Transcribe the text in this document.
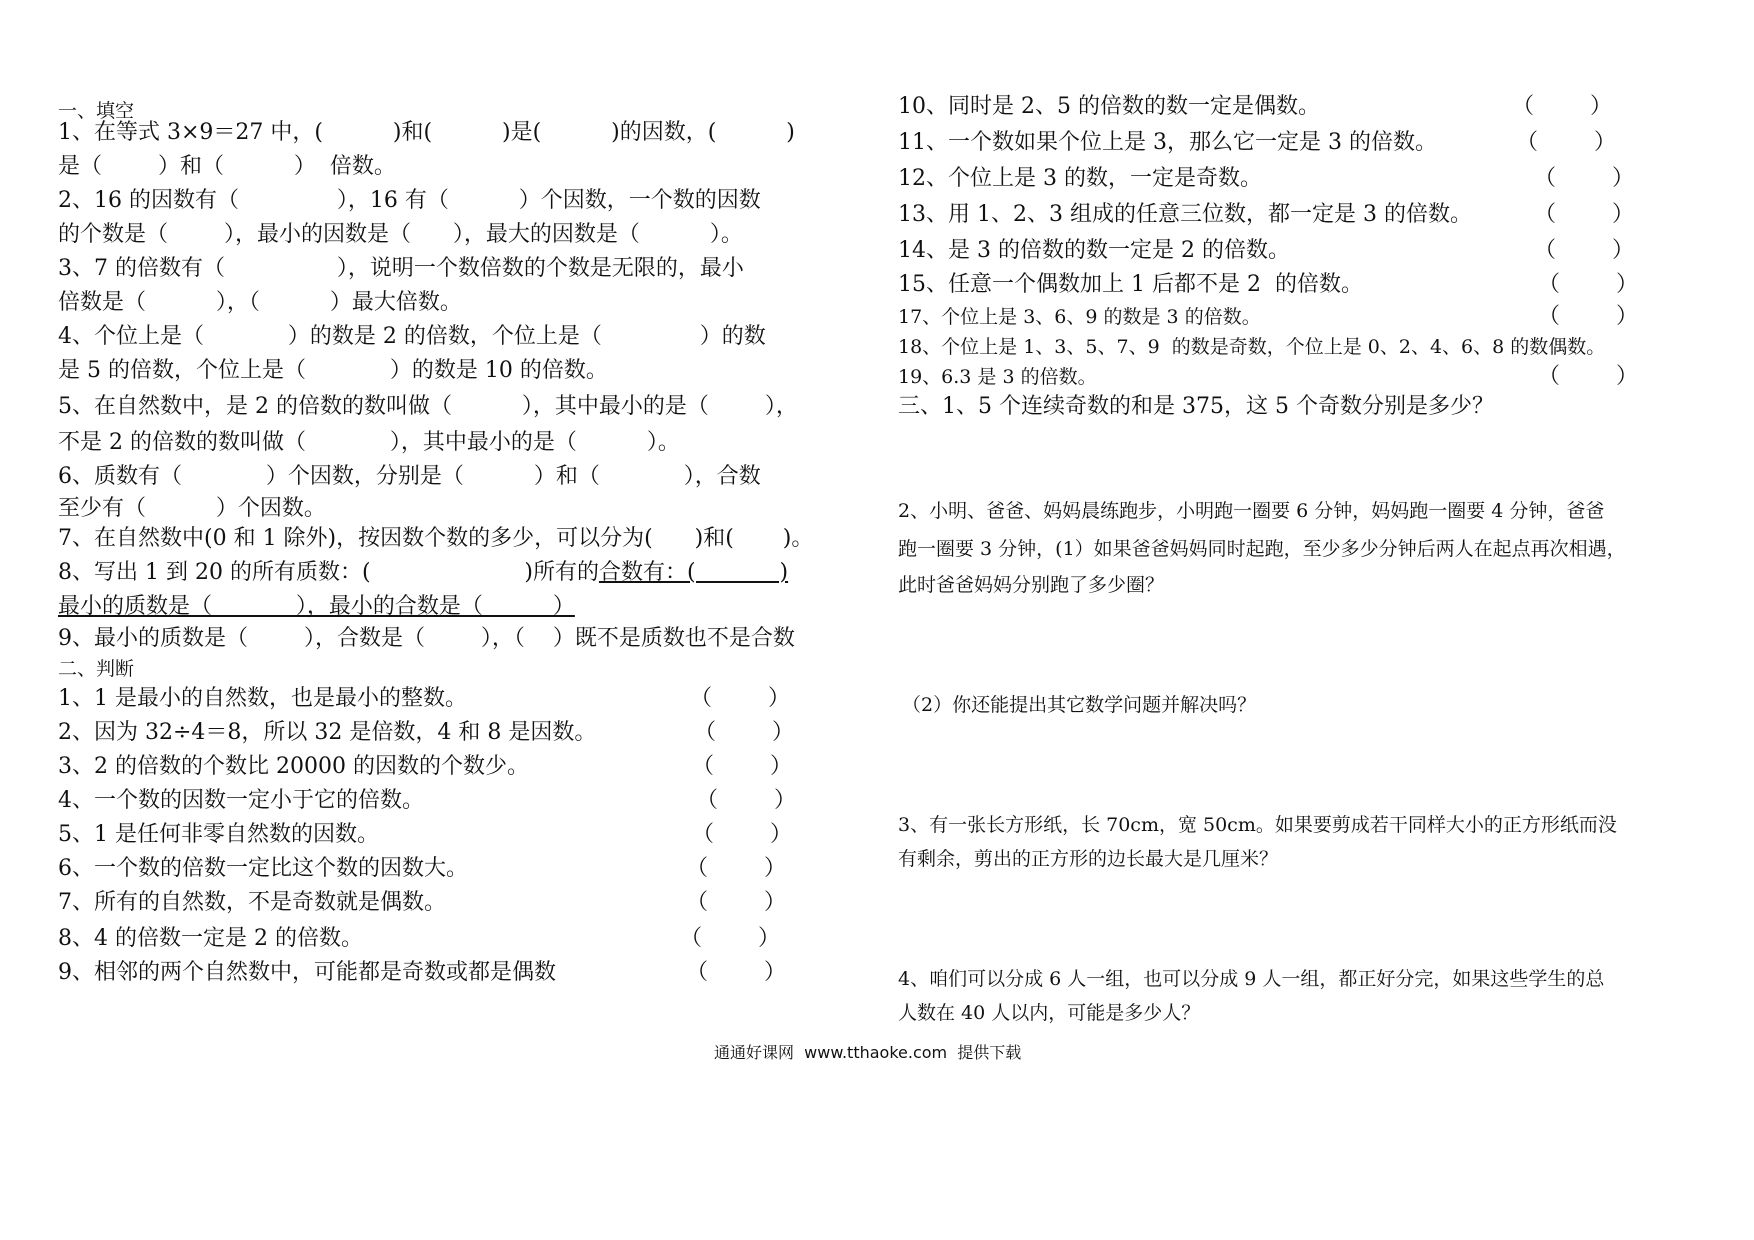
一、填空
1、在等式 3×9＝27 中，(          )和(          )是(          )的因数，(          )
是（        ）和（          ）  倍数。
2、16 的因数有（              ），16 有（          ）个因数，一个数的因数
的个数是（        ），最小的因数是（      ），最大的因数是（          ）。
3、7 的倍数有（                ），说明一个数倍数的个数是无限的，最小
倍数是（          ），（          ）最大倍数。
4、个位上是（            ）的数是 2 的倍数，个位上是（              ）的数
是 5 的倍数，个位上是（            ）的数是 10 的倍数。
5、在自然数中，是 2 的倍数的数叫做（          ），其中最小的是（        ），
不是 2 的倍数的数叫做（            ），其中最小的是（          ）。
6、质数有（            ）个因数，分别是（          ）和（            ），合数
至少有（          ）个因数。
7、在自然数中(0 和 1 除外)，按因数个数的多少，可以分为(      )和(       )。
8、写出 1 到 20 的所有质数：(                      )所有的合数有：(            )
最小的质数是（            ），最小的合数是（          ）
9、最小的质数是（        ），合数是（        ），（    ）既不是质数也不是合数
二、判断
1、1 是最小的自然数，也是最小的整数。	（        ）
2、因为 32÷4＝8，所以 32 是倍数，4 和 8 是因数。	（        ）
3、2 的倍数的个数比 20000 的因数的个数少。	（        ）
4、一个数的因数一定小于它的倍数。	（        ）
5、1 是任何非零自然数的因数。	（        ）
6、一个数的倍数一定比这个数的因数大。	（        ）
7、所有的自然数，不是奇数就是偶数。	（        ）
8、4 的倍数一定是 2 的倍数。	（        ）
9、相邻的两个自然数中，可能都是奇数或都是偶数	（        ）
10、同时是 2、5 的倍数的数一定是偶数。	（        ）
11、一个数如果个位上是 3，那么它一定是 3 的倍数。	（        ）
12、个位上是 3 的数，一定是奇数。	（        ）
13、用 1、2、3 组成的任意三位数，都一定是 3 的倍数。	（        ）
14、是 3 的倍数的数一定是 2 的倍数。	（        ）
15、任意一个偶数加上 1 后都不是 2  的倍数。	（        ）
17、个位上是 3、6、9 的数是 3 的倍数。	（        ）
18、个位上是 1、3、5、7、9  的数是奇数，个位上是 0、2、4、6、8 的数偶数。
19、6.3 是 3 的倍数。	（        ）
三、1、5 个连续奇数的和是 375，这 5 个奇数分别是多少？
2、小明、爸爸、妈妈晨练跑步，小明跑一圈要 6 分钟，妈妈跑一圈要 4 分钟，爸爸
跑一圈要 3 分钟，(1）如果爸爸妈妈同时起跑，至少多少分钟后两人在起点再次相遇，
此时爸爸妈妈分别跑了多少圈？
（2）你还能提出其它数学问题并解决吗？
3、有一张长方形纸，长 70cm，宽 50cm。如果要剪成若干同样大小的正方形纸而没
有剩余，剪出的正方形的边长最大是几厘米？
4、咱们可以分成 6 人一组，也可以分成 9 人一组，都正好分完，如果这些学生的总
人数在 40 人以内，可能是多少人？
通通好课网  www.tthaoke.com  提供下载
